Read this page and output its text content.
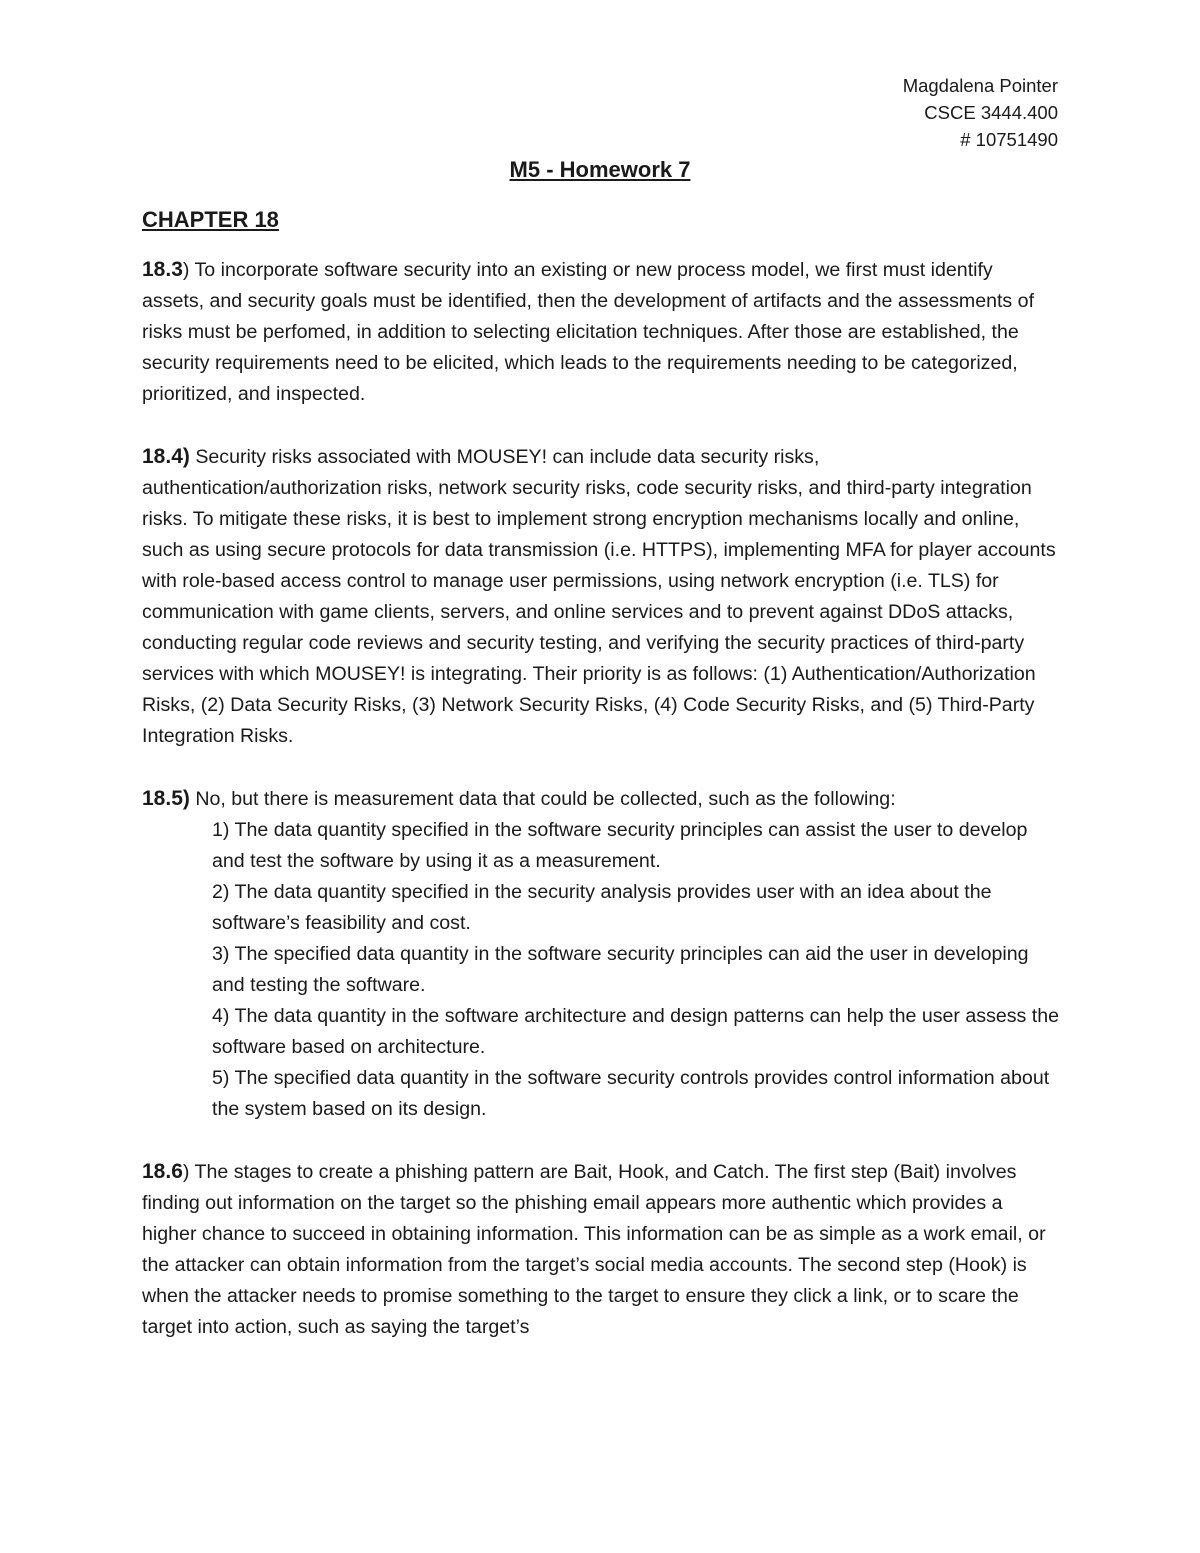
Magdalena Pointer
CSCE 3444.400
# 10751490
M5 - Homework 7
CHAPTER 18

18.3) To incorporate software security into an existing or new process model, we first must identify assets, and security goals must be identified, then the development of artifacts and the assessments of risks must be perfomed, in addition to selecting elicitation techniques. After those are established, the security requirements need to be elicited, which leads to the requirements needing to be categorized, prioritized, and inspected.

18.4) Security risks associated with MOUSEY! can include data security risks, authentication/authorization risks, network security risks, code security risks, and third-party integration risks. To mitigate these risks, it is best to implement strong encryption mechanisms locally and online, such as using secure protocols for data transmission (i.e. HTTPS), implementing MFA for player accounts with role-based access control to manage user permissions, using network encryption (i.e. TLS) for communication with game clients, servers, and online services and to prevent against DDoS attacks, conducting regular code reviews and security testing, and verifying the security practices of third-party services with which MOUSEY! is integrating. Their priority is as follows: (1) Authentication/Authorization Risks, (2) Data Security Risks, (3) Network Security Risks, (4) Code Security Risks, and (5) Third-Party Integration Risks.

18.5) No, but there is measurement data that could be collected, such as the following:

1) The data quantity specified in the software security principles can assist the user to develop and test the software by using it as a measurement.

2) The data quantity specified in the security analysis provides user with an idea about the software’s feasibility and cost.

3) The specified data quantity in the software security principles can aid the user in developing and testing the software.

4) The data quantity in the software architecture and design patterns can help the user assess the software based on architecture.

5) The specified data quantity in the software security controls provides control information about the system based on its design.

18.6) The stages to create a phishing pattern are Bait, Hook, and Catch. The first step (Bait) involves finding out information on the target so the phishing email appears more authentic which provides a higher chance to succeed in obtaining information. This information can be as simple as a work email, or the attacker can obtain information from the target’s social media accounts. The second step (Hook) is when the attacker needs to promise something to the target to ensure they click a link, or to scare the target into action, such as saying the target’s
